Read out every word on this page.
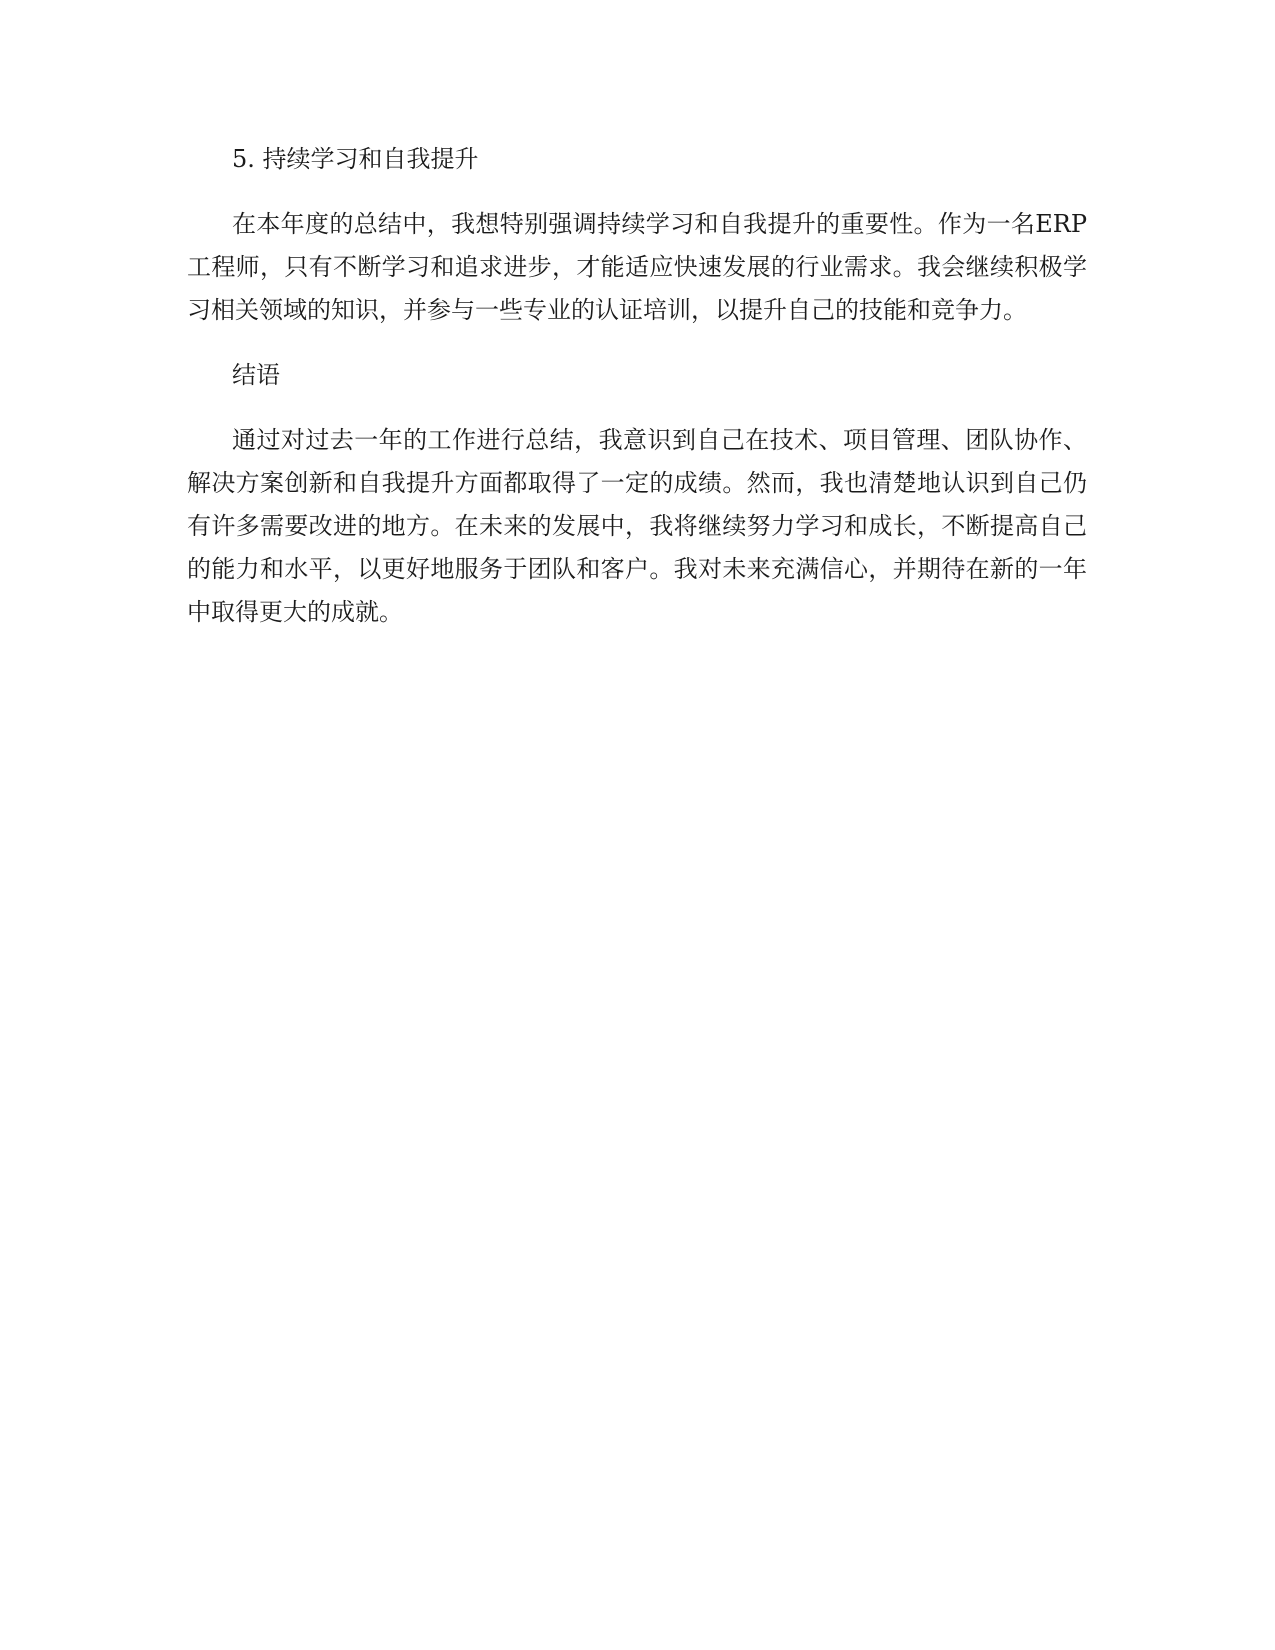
5. 持续学习和自我提升

在本年度的总结中，我想特别强调持续学习和自我提升的重要性。作为一名ERP 工程师，只有不断学习和追求进步，才能适应快速发展的行业需求。我会继续积极学习相关领域的知识，并参与一些专业的认证培训，以提升自己的技能和竞争力。

结语

通过对过去一年的工作进行总结，我意识到自己在技术、项目管理、团队协作、解决方案创新和自我提升方面都取得了一定的成绩。然而，我也清楚地认识到自己仍有许多需要改进的地方。在未来的发展中，我将继续努力学习和成长，不断提高自己的能力和水平，以更好地服务于团队和客户。我对未来充满信心，并期待在新的一年中取得更大的成就。
